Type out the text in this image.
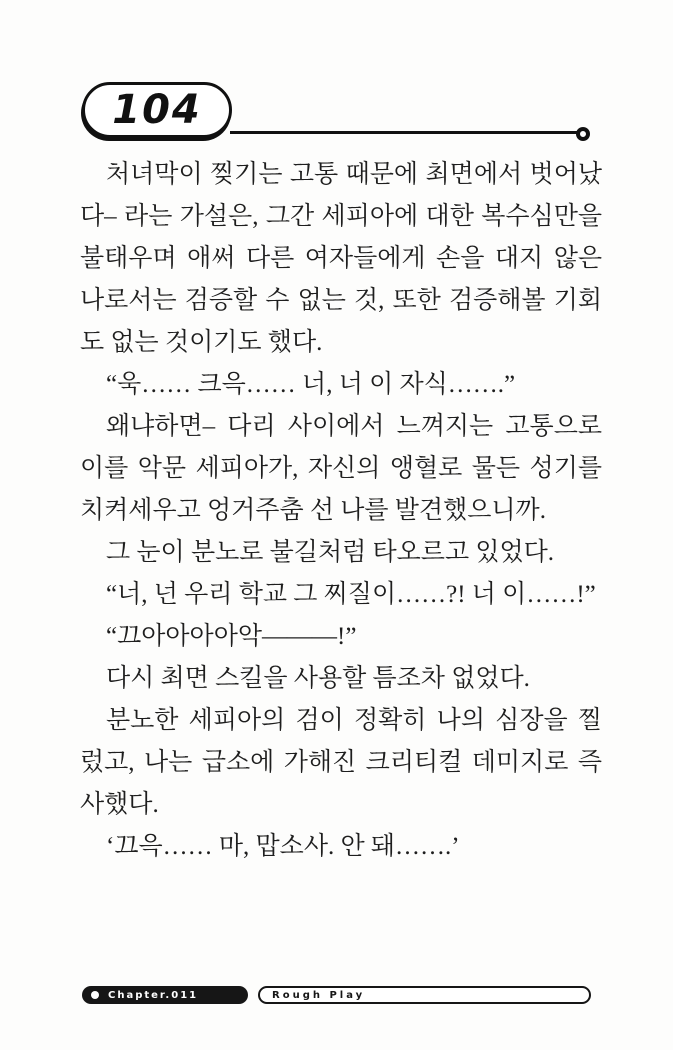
104

처녀막이 찢기는 고통 때문에 최면에서 벗어났다– 라는 가설은, 그간 세피아에 대한 복수심만을 불태우며 애써 다른 여자들에게 손을 대지 않은 나로서는 검증할 수 없는 것, 또한 검증해볼 기회도 없는 것이기도 했다.

“욱…… 크윽…… 너, 너 이 자식…….”

왜냐하면– 다리 사이에서 느껴지는 고통으로 이를 악문 세피아가, 자신의 앵혈로 물든 성기를 치켜세우고 엉거주춤 선 나를 발견했으니까.

그 눈이 분노로 불길처럼 타오르고 있었다.

“너, 넌 우리 학교 그 찌질이……?! 너 이……!”

“끄아아아아악———!”

다시 최면 스킬을 사용할 틈조차 없었다.

분노한 세피아의 검이 정확히 나의 심장을 찔렀고, 나는 급소에 가해진 크리티컬 데미지로 즉사했다.

‘끄윽…… 마, 맙소사. 안 돼…….’

Chapter.011	Rough Play
